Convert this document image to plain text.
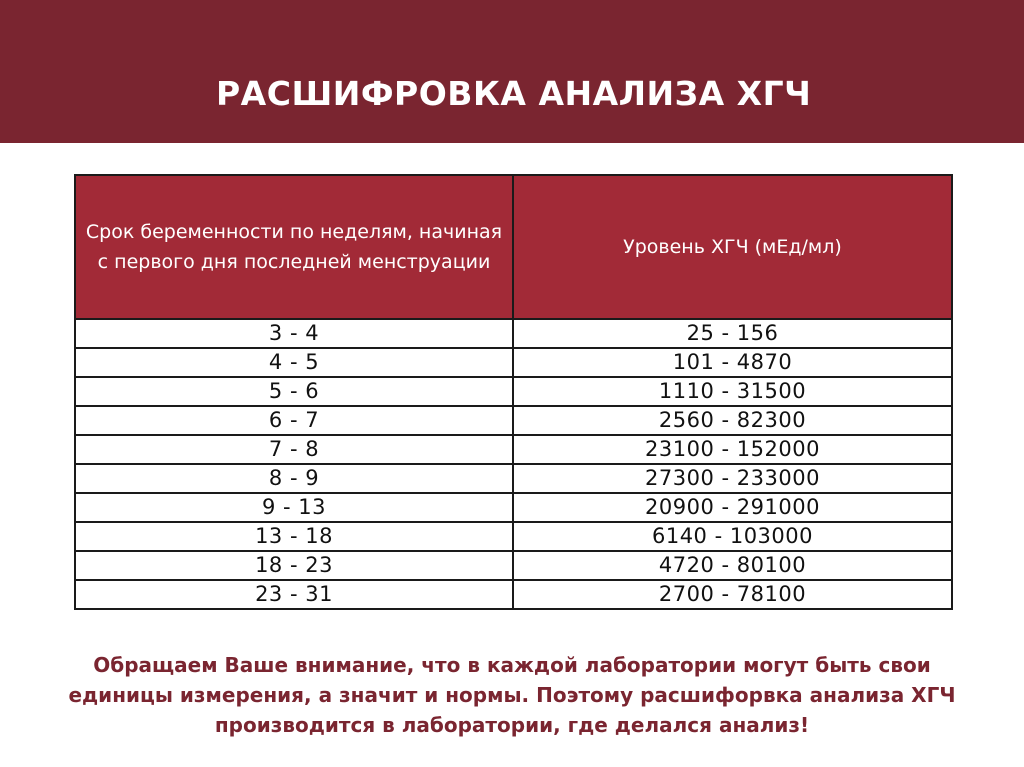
РАСШИФРОВКА АНАЛИЗА ХГЧ
Срок беременности по неделям, начиная с первого дня последней менструации	Уровень ХГЧ (мЕд/мл)
3 - 4	25 - 156
4 - 5	101 - 4870
5 - 6	1110 - 31500
6 - 7	2560 - 82300
7 - 8	23100 - 152000
8 - 9	27300 - 233000
9 - 13	20900 - 291000
13 - 18	6140 - 103000
18 - 23	4720 - 80100
23 - 31	2700 - 78100
Обращаем Ваше внимание, что в каждой лаборатории могут быть свои единицы измерения, а значит и нормы. Поэтому расшифорвка анализа ХГЧ производится в лаборатории, где делался анализ!
